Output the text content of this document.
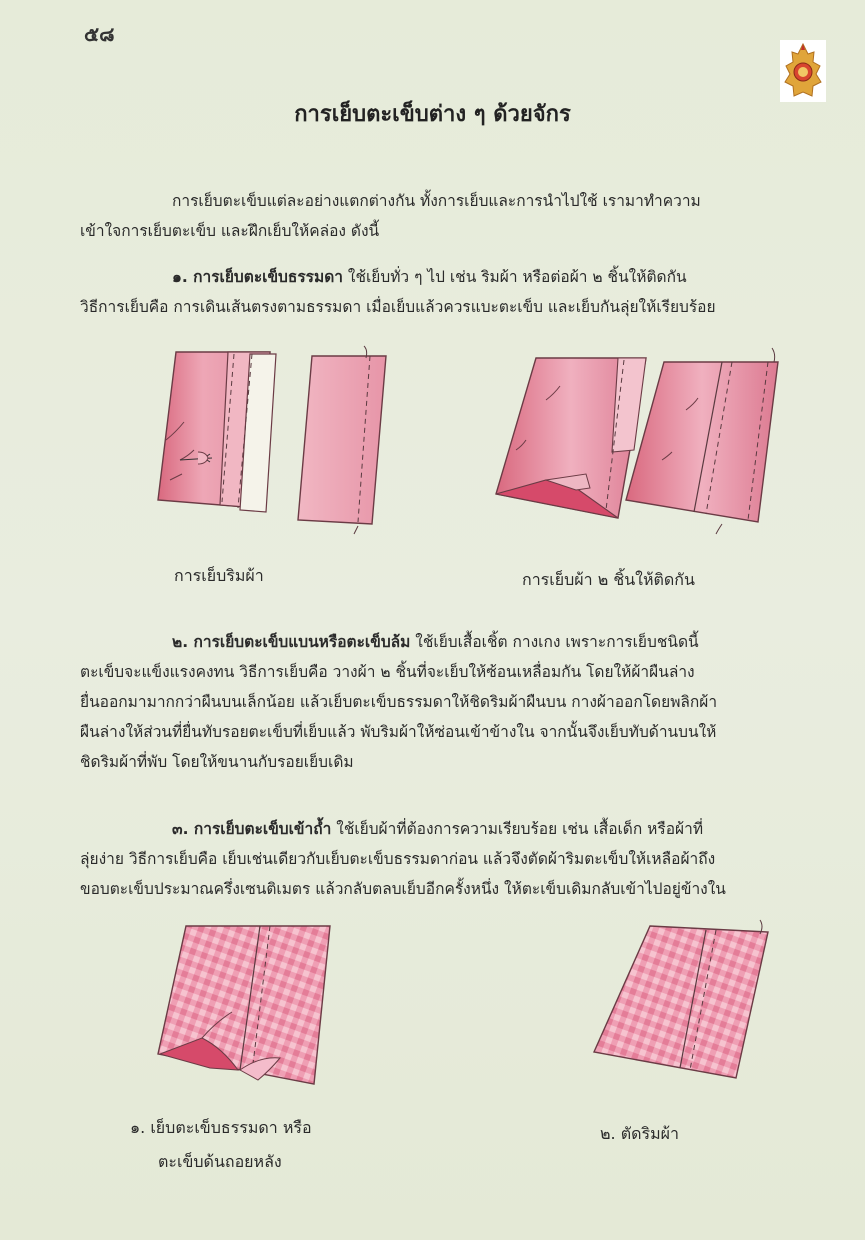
๕๘
การเย็บตะเข็บต่าง ๆ ด้วยจักร

การเย็บตะเข็บแต่ละอย่างแตกต่างกัน ทั้งการเย็บและการนำไปใช้ เรามาทำความ

เข้าใจการเย็บตะเข็บ และฝึกเย็บให้คล่อง ดังนี้

๑. การเย็บตะเข็บธรรมดา ใช้เย็บทั่ว ๆ ไป เช่น ริมผ้า หรือต่อผ้า ๒ ชิ้นให้ติดกัน

วิธีการเย็บคือ การเดินเส้นตรงตามธรรมดา เมื่อเย็บแล้วควรแบะตะเข็บ และเย็บกันลุ่ยให้เรียบร้อย

การเย็บริมผ้า	การเย็บผ้า ๒ ชิ้นให้ติดกัน

๒. การเย็บตะเข็บแบนหรือตะเข็บล้ม ใช้เย็บเสื้อเชิ้ต กางเกง เพราะการเย็บชนิดนี้

ตะเข็บจะแข็งแรงคงทน วิธีการเย็บคือ วางผ้า ๒ ชิ้นที่จะเย็บให้ซ้อนเหลื่อมกัน โดยให้ผ้าผืนล่าง

ยื่นออกมามากกว่าผืนบนเล็กน้อย แล้วเย็บตะเข็บธรรมดาให้ชิดริมผ้าผืนบน กางผ้าออกโดยพลิกผ้า

ผืนล่างให้ส่วนที่ยื่นทับรอยตะเข็บที่เย็บแล้ว พับริมผ้าให้ซ่อนเข้าข้างใน จากนั้นจึงเย็บทับด้านบนให้

ชิดริมผ้าที่พับ โดยให้ขนานกับรอยเย็บเดิม

๓. การเย็บตะเข็บเข้าถ้ำ ใช้เย็บผ้าที่ต้องการความเรียบร้อย เช่น เสื้อเด็ก หรือผ้าที่

ลุ่ยง่าย วิธีการเย็บคือ เย็บเช่นเดียวกับเย็บตะเข็บธรรมดาก่อน แล้วจึงตัดผ้าริมตะเข็บให้เหลือผ้าถึง

ขอบตะเข็บประมาณครึ่งเซนติเมตร แล้วกลับตลบเย็บอีกครั้งหนึ่ง ให้ตะเข็บเดิมกลับเข้าไปอยู่ข้างใน

๑. เย็บตะเข็บธรรมดา หรือ
ตะเข็บด้นถอยหลัง
๒. ตัดริมผ้า
